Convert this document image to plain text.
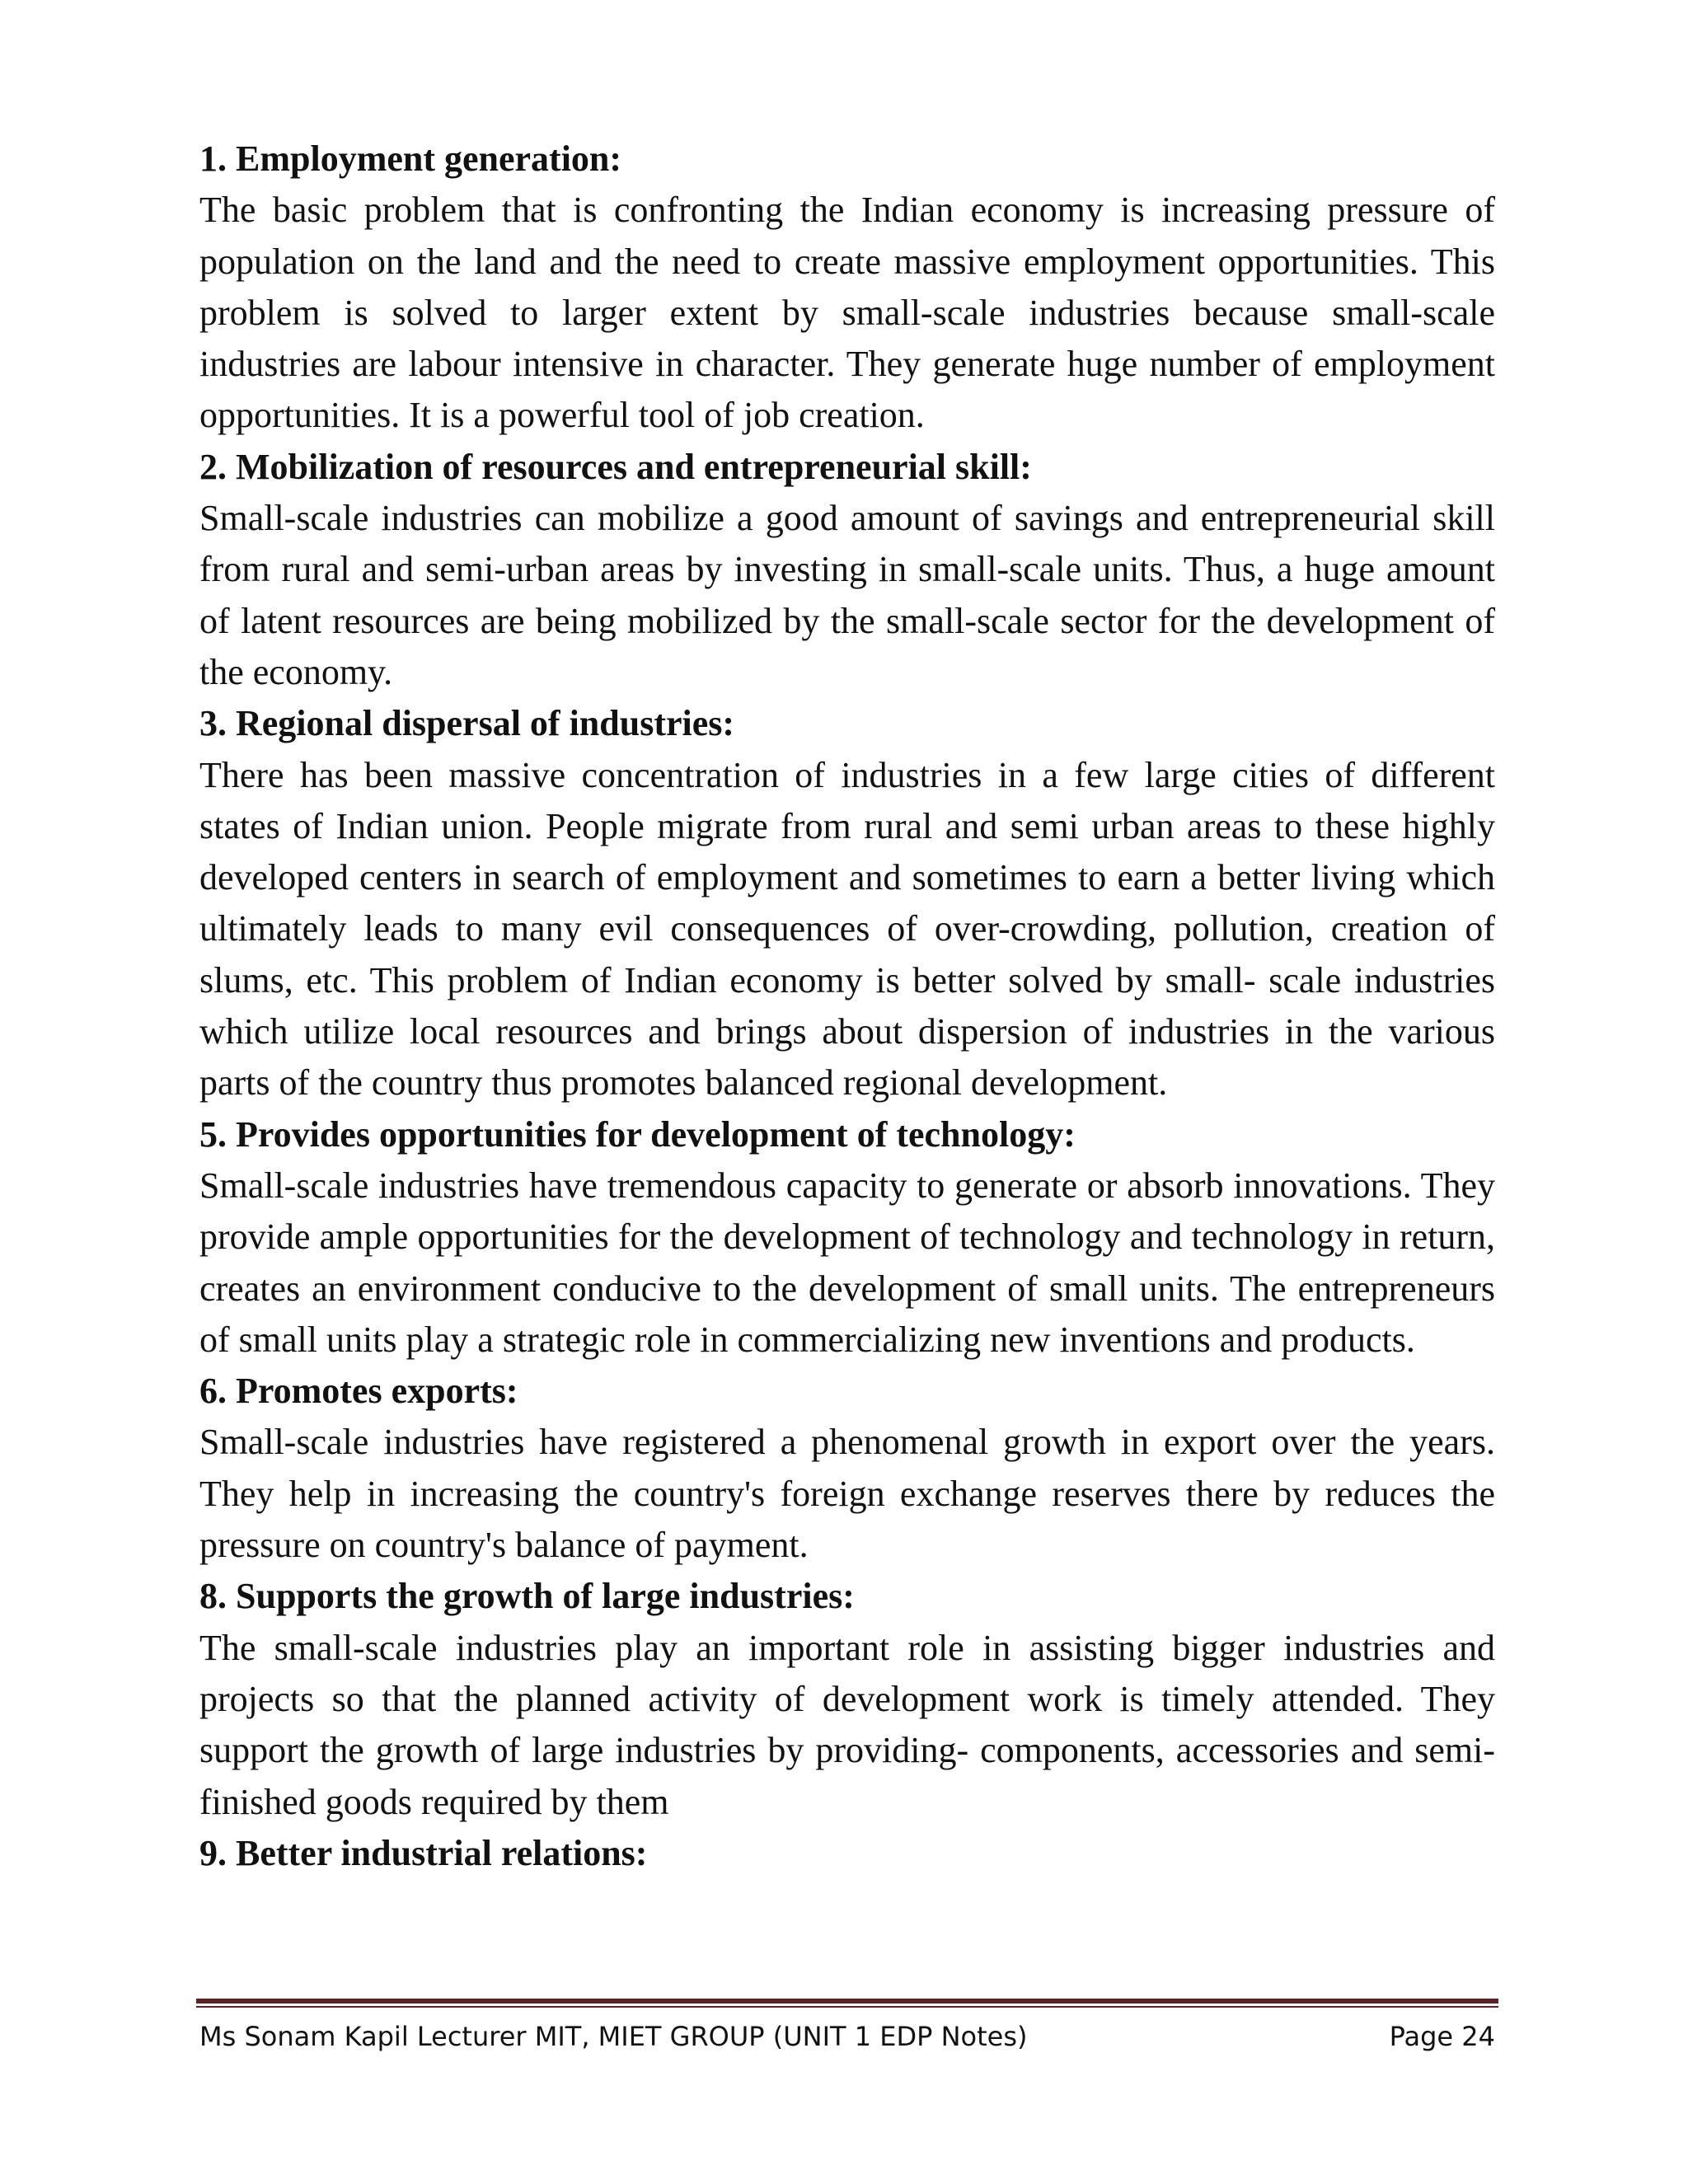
1. Employment generation:

The basic problem that is confronting the Indian economy is increasing pressure of population on the land and the need to create massive employment opportunities. This problem is solved to larger extent by small-scale industries because small-scale industries are labour intensive in character. They generate huge number of employment opportunities. It is a powerful tool of job creation.

2. Mobilization of resources and entrepreneurial skill:

Small-scale industries can mobilize a good amount of savings and entrepreneurial skill from rural and semi-urban areas by investing in small-scale units. Thus, a huge amount of latent resources are being mobilized by the small-scale sector for the development of the economy.

3. Regional dispersal of industries:

There has been massive concentration of industries in a few large cities of different states of Indian union. People migrate from rural and semi urban areas to these highly developed centers in search of employment and sometimes to earn a better living which ultimately leads to many evil consequences of over-crowding, pollution, creation of slums, etc. This problem of Indian economy is better solved by small- scale industries which utilize local resources and brings about dispersion of industries in the various parts of the country thus promotes balanced regional development.

5. Provides opportunities for development of technology:

Small-scale industries have tremendous capacity to generate or absorb innovations. They provide ample opportunities for the development of technology and technology in return, creates an environment conducive to the development of small units. The entrepreneurs of small units play a strategic role in commercializing new inventions and products.

6. Promotes exports:

Small-scale industries have registered a phenomenal growth in export over the years. They help in increasing the country's foreign exchange reserves there by reduces the pressure on country's balance of payment.

8. Supports the growth of large industries:

The small-scale industries play an important role in assisting bigger industries and projects so that the planned activity of development work is timely attended. They support the growth of large industries by providing- components, accessories and semi-finished goods required by them

9. Better industrial relations:

Ms Sonam Kapil Lecturer MIT, MIET GROUP (UNIT 1 EDP Notes)	Page 24
